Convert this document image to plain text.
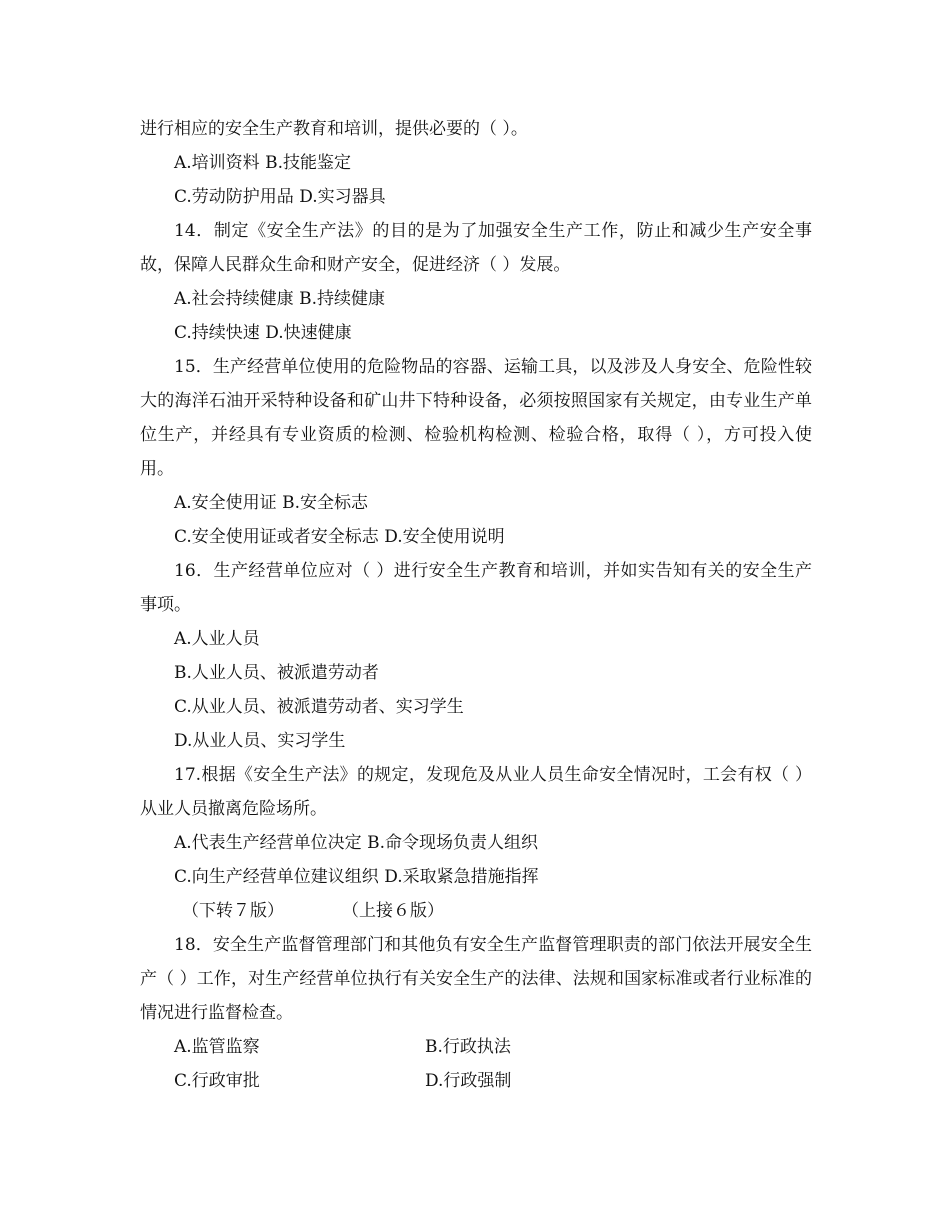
进行相应的安全生产教育和培训，提供必要的（ ）。

A.培训资料 B.技能鉴定

C.劳动防护用品 D.实习器具

14．制定《安全生产法》的目的是为了加强安全生产工作，防止和减少生产安全事故，保障人民群众生命和财产安全，促进经济（ ）发展。

A.社会持续健康 B.持续健康

C.持续快速 D.快速健康

15．生产经营单位使用的危险物品的容器、运输工具，以及涉及人身安全、危险性较大的海洋石油开采特种设备和矿山井下特种设备，必须按照国家有关规定，由专业生产单位生产，并经具有专业资质的检测、检验机构检测、检验合格，取得（ ），方可投入使用。

A.安全使用证 B.安全标志

C.安全使用证或者安全标志 D.安全使用说明

16．生产经营单位应对（ ）进行安全生产教育和培训，并如实告知有关的安全生产事项。

A.人业人员

B.人业人员、被派遣劳动者

C.从业人员、被派遣劳动者、实习学生

D.从业人员、实习学生

17.根据《安全生产法》的规定，发现危及从业人员生命安全情况时，工会有权（ ）从业人员撤离危险场所。

A.代表生产经营单位决定 B.命令现场负责人组织

C.向生产经营单位建议组织 D.采取紧急措施指挥

（下转７版）	（上接６版）

18．安全生产监督管理部门和其他负有安全生产监督管理职责的部门依法开展安全生产（ ）工作，对生产经营单位执行有关安全生产的法律、法规和国家标准或者行业标准的情况进行监督检查。

A.监管监察	B.行政执法
C.行政审批	D.行政强制
